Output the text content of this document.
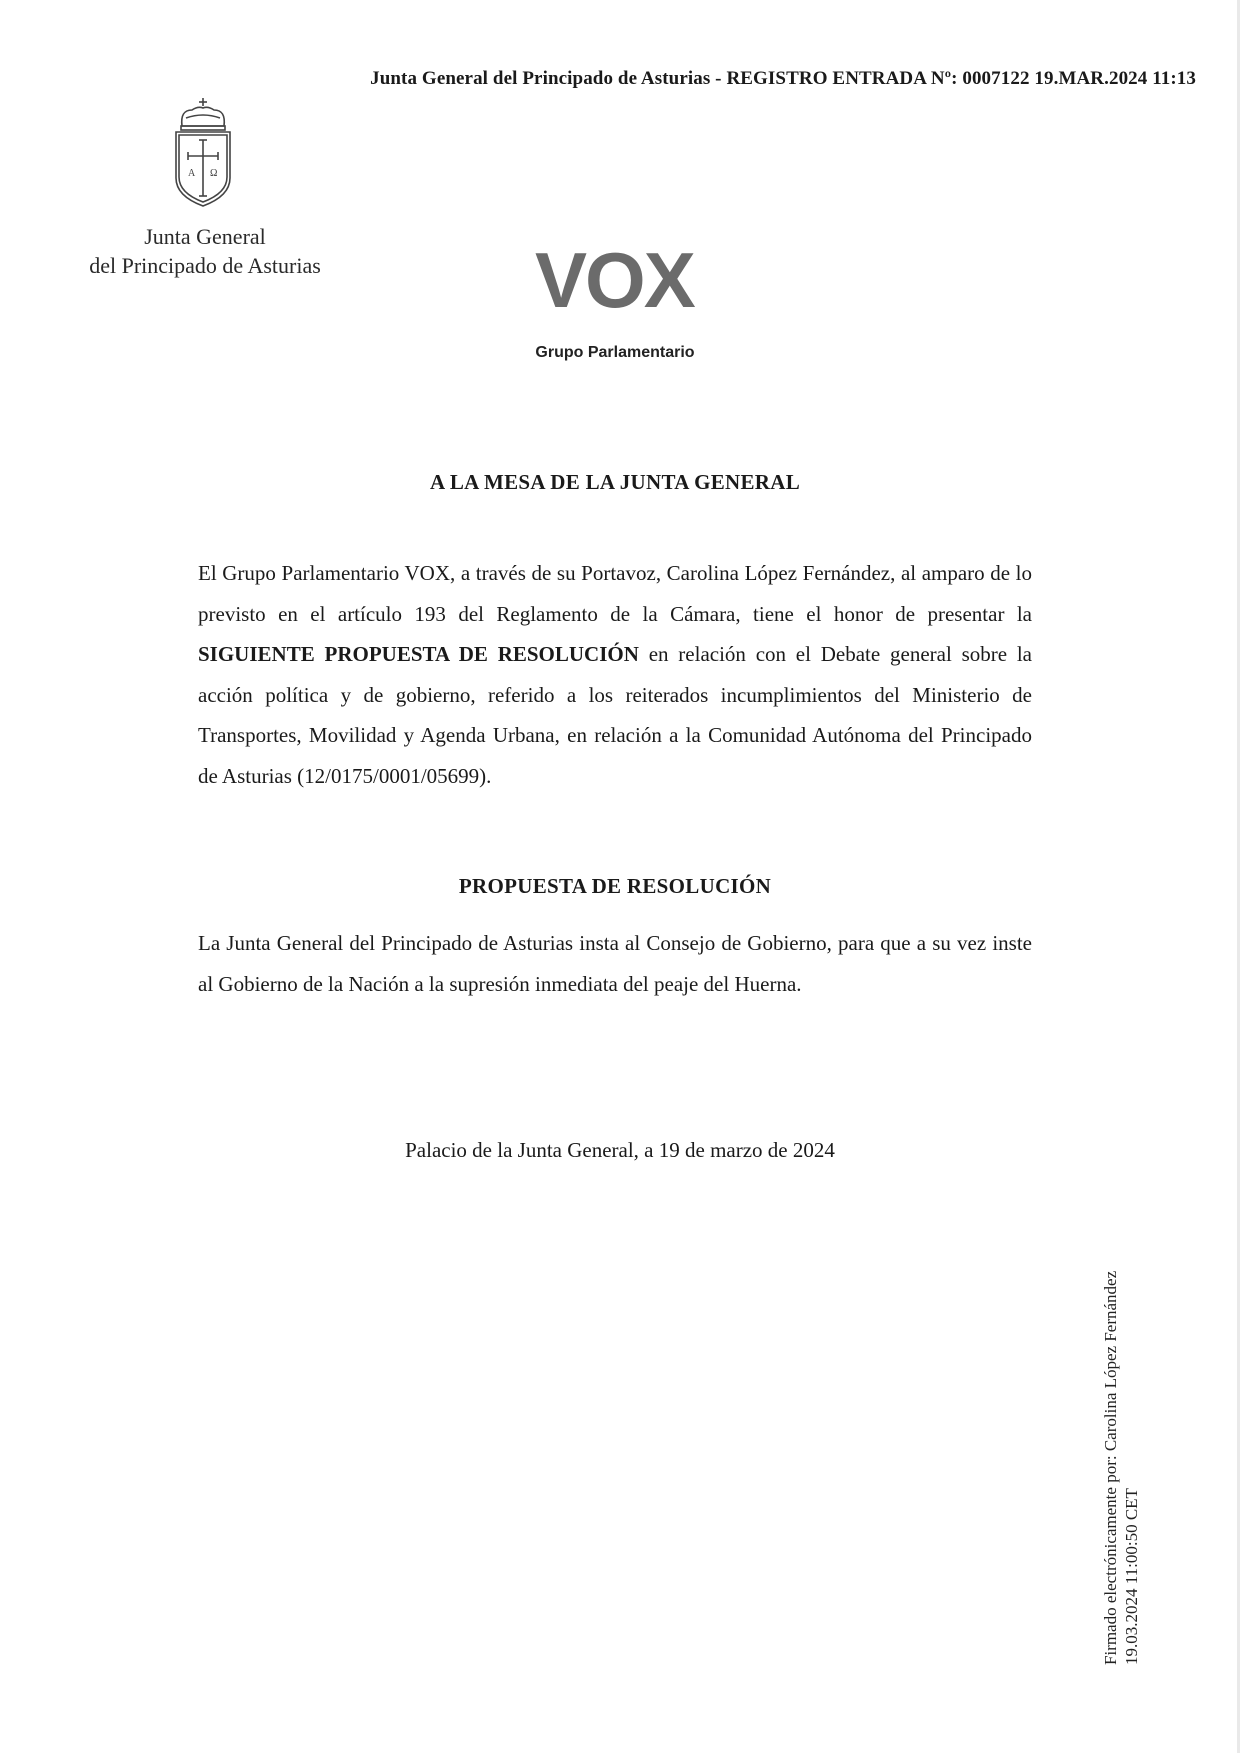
Junta General del Principado de Asturias - REGISTRO ENTRADA Nº: 0007122 19.MAR.2024 11:13
A Ω
Junta General
del Principado de Asturias	VOX
Grupo Parlamentario
A LA MESA DE LA JUNTA GENERAL
El Grupo Parlamentario VOX, a través de su Portavoz, Carolina López Fernández, al amparo de lo previsto en el artículo 193 del Reglamento de la Cámara, tiene el honor de presentar la SIGUIENTE PROPUESTA DE RESOLUCIÓN en relación con el Debate general sobre la acción política y de gobierno, referido a los reiterados incumplimientos del Ministerio de Transportes, Movilidad y Agenda Urbana, en relación a la Comunidad Autónoma del Principado de Asturias (12/0175/0001/05699).
PROPUESTA DE RESOLUCIÓN
La Junta General del Principado de Asturias insta al Consejo de Gobierno, para que a su vez inste al Gobierno de la Nación a la supresión inmediata del peaje del Huerna.
Palacio de la Junta General, a 19 de marzo de 2024
Firmado electrónicamente por: Carolina López Fernández 19.03.2024 11:00:50 CET
